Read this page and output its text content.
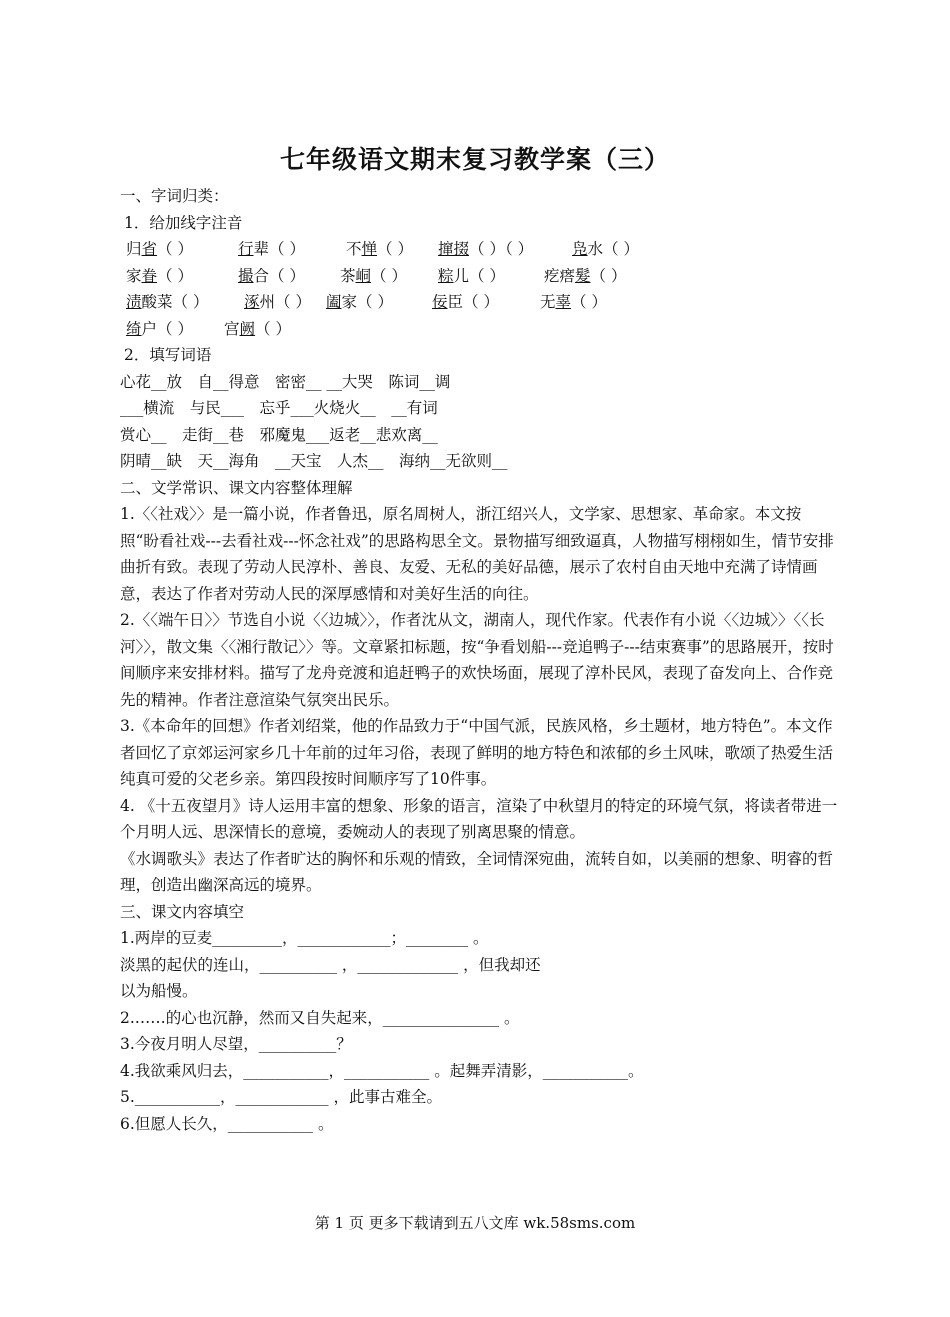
七年级语文期末复习教学案（三）
一、字词归类：
1．给加线字注音
归省（ ）	行辈（ ）	不惮（ ） 撺掇（ ）（ ）	凫水（ ）
家眷（ ）	撮合（ ） 茶峒（ ） 粽儿（ ）	疙瘩髮（ ）
渍酸菜（ ） 涿州（ ） 阖家（ ）	佞臣（ ）	无辜（ ）
绮户（ ） 宫阙（ ）
2．填写词语
心花__放　自__得意　密密__ __大哭　陈词__调
___横流　与民___　忘乎___火烧火__　__有词
赏心__　走街__巷　邪魔鬼___返老__悲欢离__
阴晴__缺　天__海角　__天宝　人杰__　海纳__无欲则__
二、文学常识、课文内容整体理解
1.〈〈社戏〉〉是一篇小说，作者鲁迅，原名周树人，浙江绍兴人，文学家、思想家、革命家。本文按照“盼看社戏---去看社戏---怀念社戏”的思路构思全文。景物描写细致逼真，人物描写栩栩如生，情节安排曲折有致。表现了劳动人民淳朴、善良、友爱、无私的美好品德，展示了农村自由天地中充满了诗情画意，表达了作者对劳动人民的深厚感情和对美好生活的向往。
2.〈〈端午日〉〉节选自小说〈〈边城〉〉，作者沈从文，湖南人，现代作家。代表作有小说〈〈边城〉〉〈〈长河〉〉，散文集〈〈湘行散记〉〉等。文章紧扣标题，按“争看划船---竞追鸭子---结束赛事”的思路展开，按时间顺序来安排材料。描写了龙舟竞渡和追赶鸭子的欢快场面，展现了淳朴民风，表现了奋发向上、合作竞先的精神。作者注意渲染气氛突出民乐。
3.《本命年的回想》作者刘绍棠，他的作品致力于“中国气派，民族风格，乡土题材，地方特色”。本文作者回忆了京郊运河家乡几十年前的过年习俗，表现了鲜明的地方特色和浓郁的乡土风味，歌颂了热爱生活纯真可爱的父老乡亲。第四段按时间顺序写了10件事。
4. 《十五夜望月》诗人运用丰富的想象、形象的语言，渲染了中秋望月的特定的环境气氛，将读者带进一个月明人远、思深情长的意境，委婉动人的表现了别离思聚的情意。
《水调歌头》表达了作者旷达的胸怀和乐观的情致，全词情深宛曲，流转自如，以美丽的想象、明睿的哲理，创造出幽深高远的境界。
三、课文内容填空
1.两岸的豆麦_________，____________；________ 。
淡黑的起伏的连山，__________ ，_____________ ，但我却还
以为船慢。
2.……的心也沉静，然而又自失起来，_______________ 。
3.今夜月明人尽望，__________？
4.我欲乘风归去，___________，___________ 。起舞弄清影，___________。
5.___________，____________ ，此事古难全。
6.但愿人长久，___________ 。
第 1 页 更多下载请到五八文库 wk.58sms.com
